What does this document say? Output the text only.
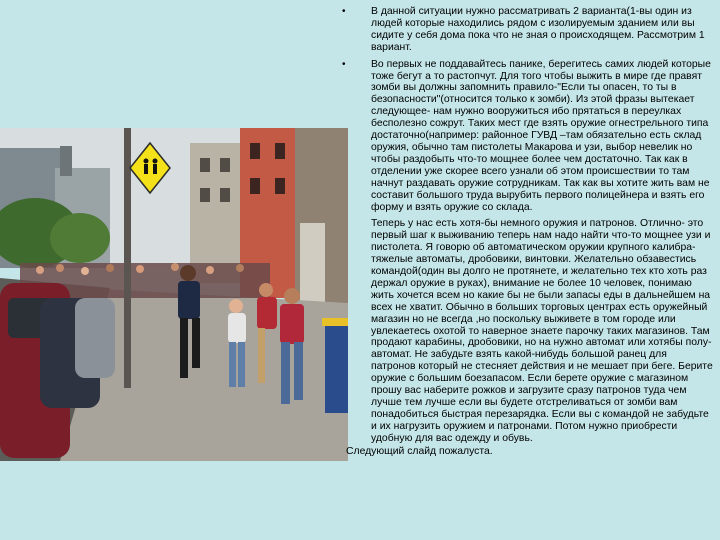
• В данной ситуации нужно рассматривать 2 варианта(1-вы один из людей которые находились рядом с изолируемым зданием или вы сидите у себя дома пока что не зная о происходящем. Рассмотрим 1 вариант.
• Во первых не поддавайтесь панике, берегитесь самих людей которые тоже бегут а то растопчут. Для того чтобы выжить в мире где правят зомби вы должны запомнить правило-"Если ты опасен, то ты в безопасности"(относится только к зомби). Из этой фразы вытекает следующее- нам нужно вооружиться ибо прятаться в переулках бесполезно сожрут. Таких мест где взять оружие огнестрельного типа достаточно(например: районное ГУВД –там обязательно есть склад оружия, обычно там пистолеты Макарова и узи, выбор невелик но чтобы раздобыть что-то мощнее более чем достаточно. Так как в отделении уже скорее всего узнали об этом происшествии то там начнут раздавать оружие сотрудникам. Так как вы хотите жить вам не составит большого труда вырубить первого полицейнера и взять его форму и взять оружие со склада.
Теперь у нас есть хотя-бы немного оружия и патронов. Отлично- это первый шаг к выживанию теперь нам надо найти что-то мощнее узи и пистолета. Я говорю об автоматическом оружии крупного калибра- тяжелые автоматы, дробовики, винтовки. Желательно обзавестись командой(один вы долго не протянете, и желательно тех кто хоть раз держал оружие в руках), внимание не более 10 человек, понимаю жить хочется всем но какие бы не были запасы еды в дальнейшем на всех не хватит. Обычно в больших торговых центрах есть оружейный магазин но не всегда ,но поскольку выживете в том городе или увлекаетесь охотой то наверное знаете парочку таких магазинов. Там продают карабины, дробовики, но на нужно автомат или хотябы полу- автомат. Не забудьте взять какой-нибудь большой ранец для патронов который не стесняет действия и не мешает при беге. Берите оружие с большим боезапасом. Если берете оружие с магазином прошу вас наберите рожков и загрузите сразу патронов туда чем лучше тем лучше если вы будете отстреливаться от зомби вам понадобиться быстрая перезарядка. Если вы с командой не забудьте и их нагрузить оружием и патронами. Потом нужно приобрести удобную для вас одежду и обувь.
Следующий слайд пожалуста.
